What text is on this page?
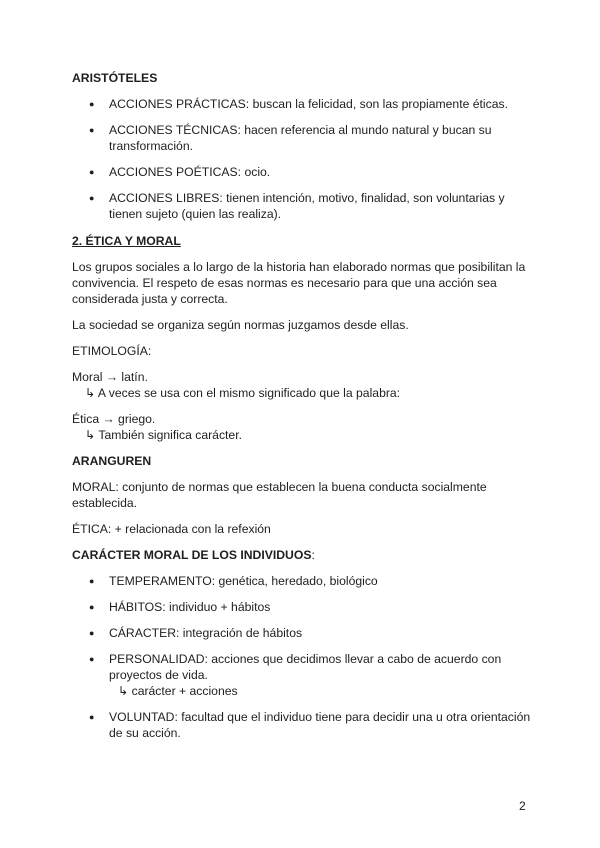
ARISTÓTELES

● ACCIONES PRÁCTICAS: buscan la felicidad, son las propiamente éticas.
● ACCIONES TÉCNICAS: hacen referencia al mundo natural y bucan su transformación.
● ACCIONES POÉTICAS: ocio.
● ACCIONES LIBRES: tienen intención, motivo, finalidad, son voluntarias y tienen sujeto (quien las realiza).

2. ÉTICA Y MORAL

Los grupos sociales a lo largo de la historia han elaborado normas que posibilitan la convivencia. El respeto de esas normas es necesario para que una acción sea considerada justa y correcta.

La sociedad se organiza según normas juzgamos desde ellas.

ETIMOLOGÍA:

Moral → latín.

↳ A veces se usa con el mismo significado que la palabra:

Ética → griego.

↳ También significa carácter.

ARANGUREN

MORAL: conjunto de normas que establecen la buena conducta socialmente establecida.

ÉTICA: + relacionada con la refexión

CARÁCTER MORAL DE LOS INDIVIDUOS:

● TEMPERAMENTO: genética, heredado, biológico
● HÁBITOS: individuo + hábitos
● CÁRACTER: integración de hábitos
● PERSONALIDAD: acciones que decidimos llevar a cabo de acuerdo con proyectos de vida.
↳ carácter + acciones
● VOLUNTAD: facultad que el individuo tiene para decidir una u otra orientación de su acción.
2
